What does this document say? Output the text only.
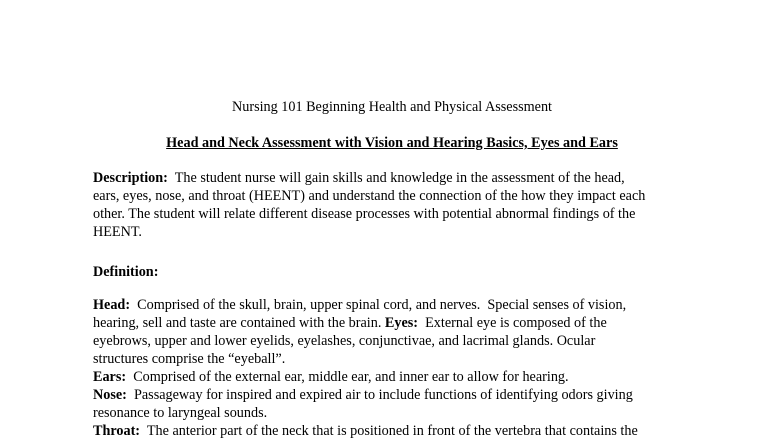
Nursing 101 Beginning Health and Physical Assessment
Head and Neck Assessment with Vision and Hearing Basics, Eyes and Ears
Description:  The student nurse will gain skills and knowledge in the assessment of the head,
ears, eyes, nose, and throat (HEENT) and understand the connection of the how they impact each
other. The student will relate different disease processes with potential abnormal findings of the
HEENT.
Definition:
Head:  Comprised of the skull, brain, upper spinal cord, and nerves.  Special senses of vision,
hearing, sell and taste are contained with the brain. Eyes:  External eye is composed of the
eyebrows, upper and lower eyelids, eyelashes, conjunctivae, and lacrimal glands. Ocular
structures comprise the “eyeball”.
Ears:  Comprised of the external ear, middle ear, and inner ear to allow for hearing.
Nose:  Passageway for inspired and expired air to include functions of identifying odors giving
resonance to laryngeal sounds.
Throat:  The anterior part of the neck that is positioned in front of the vertebra that contains the
